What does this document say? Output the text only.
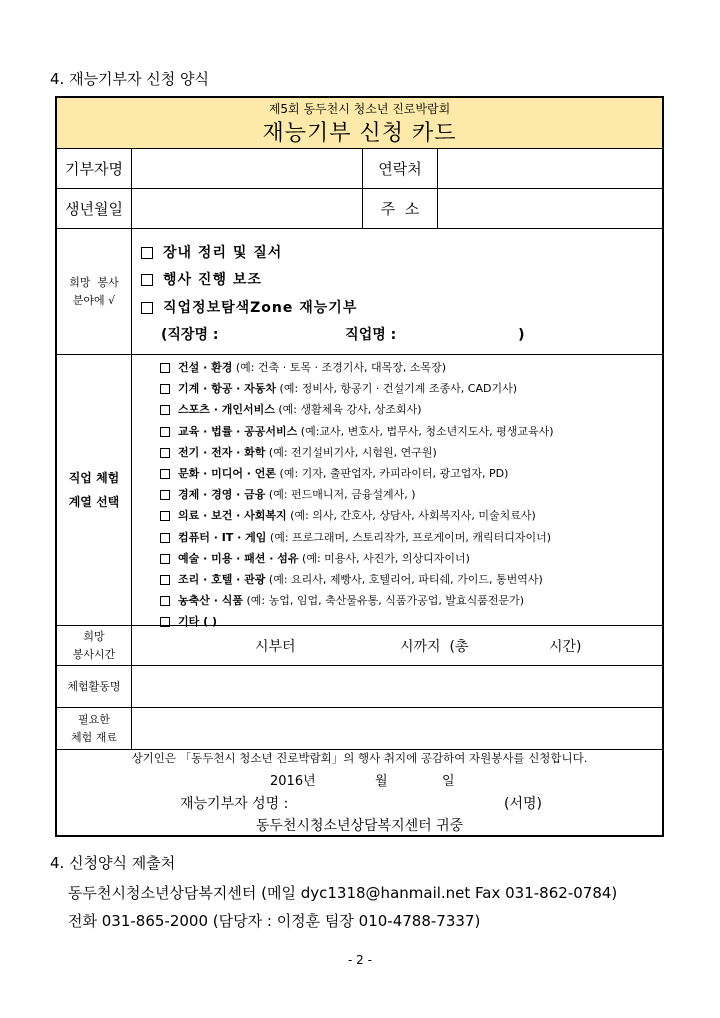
4. 재능기부자 신청 양식
제5회 동두천시 청소년 진로박람회
재능기부 신청 카드
기부자명	연락처
생년월일	주  소
희망  봉사
분야에 √
장내 정리 및 질서
행사 진행 보조
직업정보탐색Zone 재능기부
(직장명 :                          직업명 :                         )
직업 체험
계열 선택
건설 · 환경 (예: 건축 · 토목 · 조경기사, 대목장, 소목장)
기계 · 항공 · 자동차 (예: 정비사, 항공기 · 건설기계 조종사, CAD기사)
스포츠 · 개인서비스 (예: 생활체육 강사, 상조회사)
교육 · 법률 · 공공서비스 (예:교사, 변호사, 법무사, 청소년지도사, 평생교육사)
전기 · 전자 · 화학 (예: 전기설비기사, 시험원, 연구원)
문화 · 미디어 · 언론 (예: 기자, 출판업자, 카피라이터, 광고업자, PD)
경제 · 경영 · 금융 (예: 펀드매니저, 금융설계사, )
의료 · 보건 · 사회복지 (예: 의사, 간호사, 상담사, 사회복지사, 미술치료사)
컴퓨터 · IT · 게임 (예: 프로그래머, 스토리작가, 프로게이머, 캐릭터디자이너)
예술 · 미용 · 패션 · 섬유 (예: 미용사, 사진가, 의상디자이너)
조리 · 호텔 · 관광 (예: 요리사, 제빵사, 호텔리어, 파티쉐, 가이드, 통번역사)
농축산 · 식품 (예: 농업, 임업, 축산물유통, 식품가공업, 발효식품전문가)
기타 ( )
희망
봉사시간	시부터	시까지  (총	시간)
체험활동명
필요한
체험 재료
상기인은 「동두천시 청소년 진로박람회」의 행사 취지에 공감하여 자원봉사를 신청합니다.
2016년	월	일
재능기부자 성명 :	(서명)
동두천시청소년상담복지센터 귀중
4. 신청양식 제출처
동두천시청소년상담복지센터 (메일 dyc1318@hanmail.net Fax 031-862-0784)
전화 031-865-2000 (담당자 : 이정훈 팀장 010-4788-7337)
- 2 -
